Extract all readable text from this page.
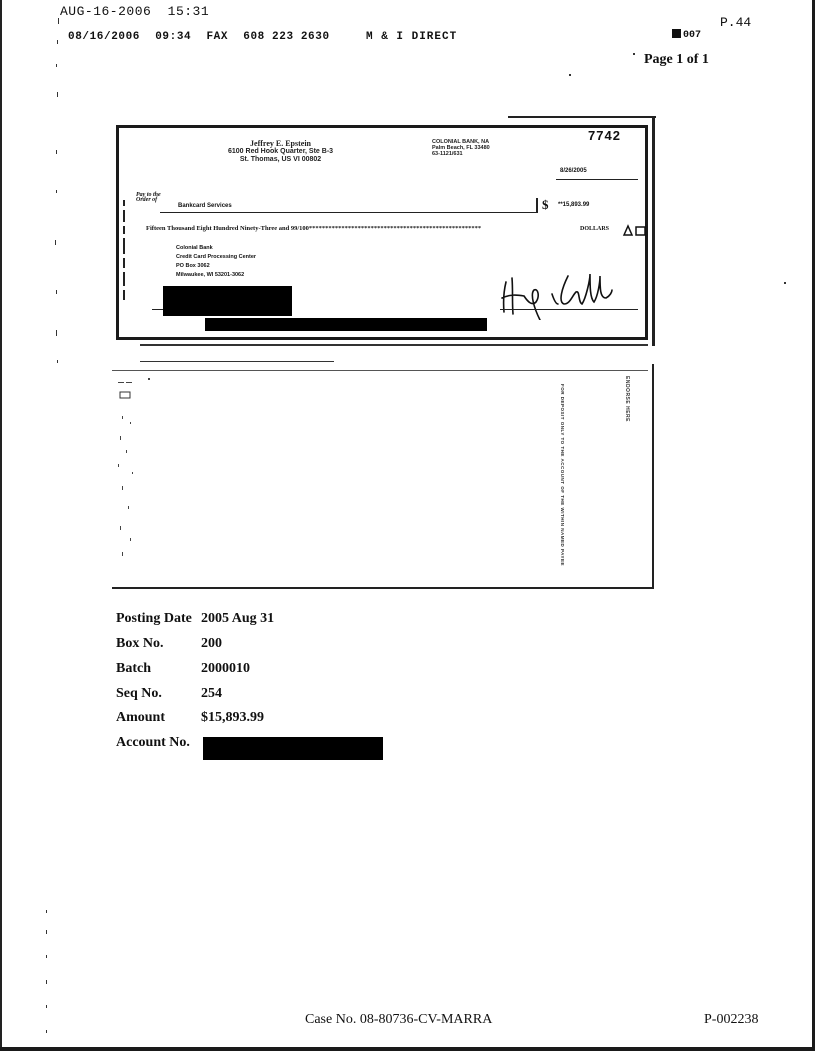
AUG-16-2006 15:31
P.44
08/16/2006 09:34 FAX 608 223 2630	M & I DIRECT	007
Page 1 of 1
Jeffrey E. Epstein
6100 Red Hook Quarter, Ste B-3
St. Thomas, US VI 00802
COLONIAL BANK, NA
Palm Beach, FL 33480
63-1121/631
7742
8/26/2005
Pay to the Order of
Bankcard Services	$ **15,893.99
Fifteen Thousand Eight Hundred Ninety-Three and 99/100*****************************************************	DOLLARS
Colonial Bank
Credit Card Processing Center
PO Box 3062
Milwaukee, WI 53201-3062
ENDORSE HERE
FOR DEPOSIT ONLY TO THE ACCOUNT OF THE WITHIN NAMED PAYEE
Posting Date 2005 Aug 31
Box No.	200
Batch	2000010
Seq No.	254
Amount	$15,893.99
Account No.
Case No. 08-80736-CV-MARRA	P-002238
